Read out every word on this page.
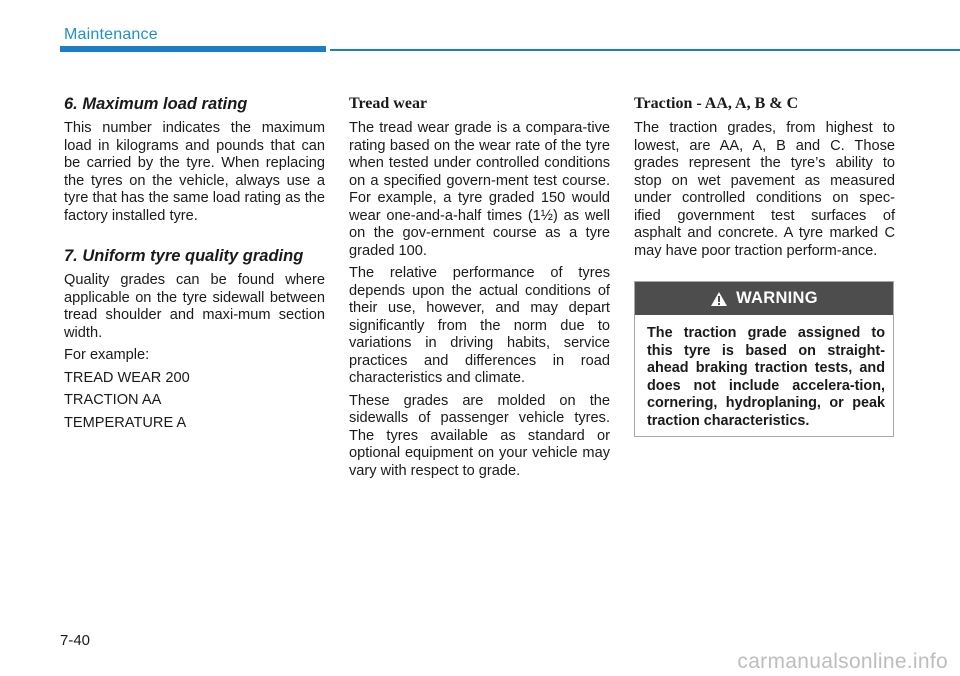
Maintenance
6. Maximum load rating

This number indicates the maximum load in kilograms and pounds that can be carried by the tyre. When replacing the tyres on the vehicle, always use a tyre that has the same load rating as the factory installed tyre.

7. Uniform tyre quality grading

Quality grades can be found where applicable on the tyre sidewall between tread shoulder and maxi-mum section width.

For example:

TREAD WEAR 200

TRACTION AA

TEMPERATURE A

Tread wear

The tread wear grade is a compara-tive rating based on the wear rate of the tyre when tested under controlled conditions on a specified govern-ment test course. For example, a tyre graded 150 would wear one-and-a-half times (1½) as well on the gov-ernment course as a tyre graded 100.

The relative performance of tyres depends upon the actual conditions of their use, however, and may depart significantly from the norm due to variations in driving habits, service practices and differences in road characteristics and climate.

These grades are molded on the sidewalls of passenger vehicle tyres. The tyres available as standard or optional equipment on your vehicle may vary with respect to grade.

Traction - AA, A, B & C

The traction grades, from highest to lowest, are AA, A, B and C. Those grades represent the tyre’s ability to stop on wet pavement as measured under controlled conditions on spec-ified government test surfaces of asphalt and concrete. A tyre marked C may have poor traction perform-ance.

WARNING
The traction grade assigned to this tyre is based on straight-ahead braking traction tests, and does not include accelera-tion, cornering, hydroplaning, or peak traction characteristics.
7-40
carmanualsonline.info
